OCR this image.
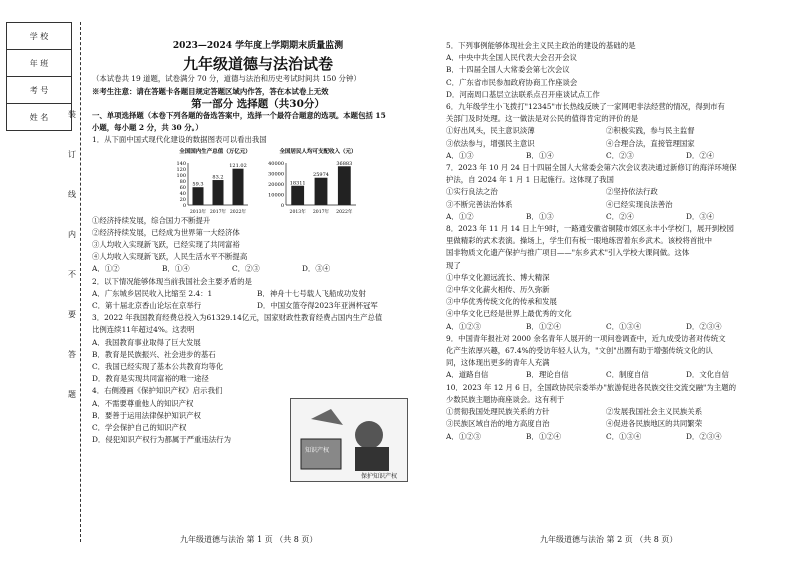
学 校
年 班
考 号
姓 名 装
订
线
内
不
要
答
题
2023—2024 学年度上学期期末质量监测
九年级道德与法治试卷
（本试卷共 19 道题，试卷满分 70 分，道德与法治和历史考试时间共 150 分钟）
※考生注意：请在答题卡各题目规定答题区域内作答，答在本试卷上无效
第一部分 选择题（共30分）
一、单项选择题（本卷下列各题的备选答案中，选择一个最符合题意的选项。本题包括 15
小题，每小题 2 分，共 30 分。）
1．从下面中国式现代化建设的数据图表可以看出我国
全国国内生产总值（万亿元）
0
20
40
60
80
100
120
140
59.3
2013年
83.2
2017年
121.02
2022年
全国居民人均可支配收入（元）
0
10000
20000
30000
40000
18311
2013年
25974
2017年
36883
2022年
①经济持续发展，综合国力不断提升
②经济持续发展，已经成为世界第一大经济体
③人均收入实现新飞跃，已经实现了共同富裕
④人均收入实现新飞跃，人民生活水平不断提高
A．①②	B．①④	C．②③	D．③④
2．以下情况能够体现当前我国社会主要矛盾的是
A．广东城乡居民收入比缩至 2.4：1	B．神舟十七号载人飞船成功发射
C．第十届北京香山论坛在京举行	D．中国女篮夺得2023年亚洲杯冠军
3．2022 年我国教育经费总投入为61329.14亿元，国家财政性教育经费占国内生产总值
比例连续11年超过4%。这表明
A．我国教育事业取得了巨大发展
B．教育是民族振兴、社会进步的基石
C．我国已经实现了基本公共教育均等化
D．教育是实现共同富裕的唯一途径
4．右侧漫画《保护知识产权》启示我们
A．不需要尊重他人的知识产权
B．要善于运用法律保护知识产权
C．学会保护自己的知识产权
D．侵犯知识产权行为都属于严重违法行为
知识产权
保护知识产权
九年级道德与法治 第 1 页 （共 8 页）
5．下列事例能够体现社会主义民主政治的建设的基础的是
A．中央中共全国人民代表大会召开会议
B．十四届全国人大常委会第七次会议
C．广东省市民参加政府协商工作座谈会
D．河南周口基层立法联系点召开座谈试点工作
6．九年级学生小飞拨打"12345"市长热线反映了一家网吧非法经营的情况，得到市有
关部门及时处理。这一做法是对公民的值得肯定的评价的是
①好出风头，民主意识淡薄	②积极实践，参与民主监督
③依法参与，增强民主意识	④合理合法，直接管理国家
A．①③	B．①④	C．②③	D．②④
7．2023 年 10 月 24 日十四届全国人大常委会第六次会议表决通过新修订的海洋环境保
护法，自 2024 年 1 月 1 日起施行。这体现了我国
①实行良法之治	②坚持依法行政
③不断完善法治体系	④已经实现良法善治
A．①②	B．①③	C．②④	D．③④
8．2023 年 11 月 14 日上午9时，一路通安徽省铜陵市郊区永丰小学校门，展开到校园
里做精彩的武术表演。操场上，学生们有板一眼地练習着东乡武术。该校将首批中
国非物质文化遗产保护与推广项目——"东乡武术"引入学校大课间做。这体
现了
①中华文化源远流长、博大精深
②中华文化薪火相传、历久弥新
③中华优秀传统文化的传承和发展
④中华文化已经是世界上最优秀的文化
A．①②③	B．①②④	C．①③④	D．②③④
9．中国青年报社对 2000 余名青年人展开的一项问卷调查中，近九成受访者对传统文
化产生浓厚兴趣，67.4%的受访年轻人认为，"文创"出圈有助于增强传统文化的认
同，这体现出更多的青年人充满
A．道路自信	B．理论自信	C．制度自信	D．文化自信
10．2023 年 12 月 6 日，全国政协民宗委举办"旅游促进各民族交往交流交融"为主题的
少数民族主题协商座谈会。这有利于
①贯彻我国处理民族关系的方针	②发展我国社会主义民族关系
③民族区域自治的地方高度自治	④促进各民族地区的共同繁荣
A．①②③	B．①②④	C．①③④	D．②③④
九年级道德与法治 第 2 页 （共 8 页）
